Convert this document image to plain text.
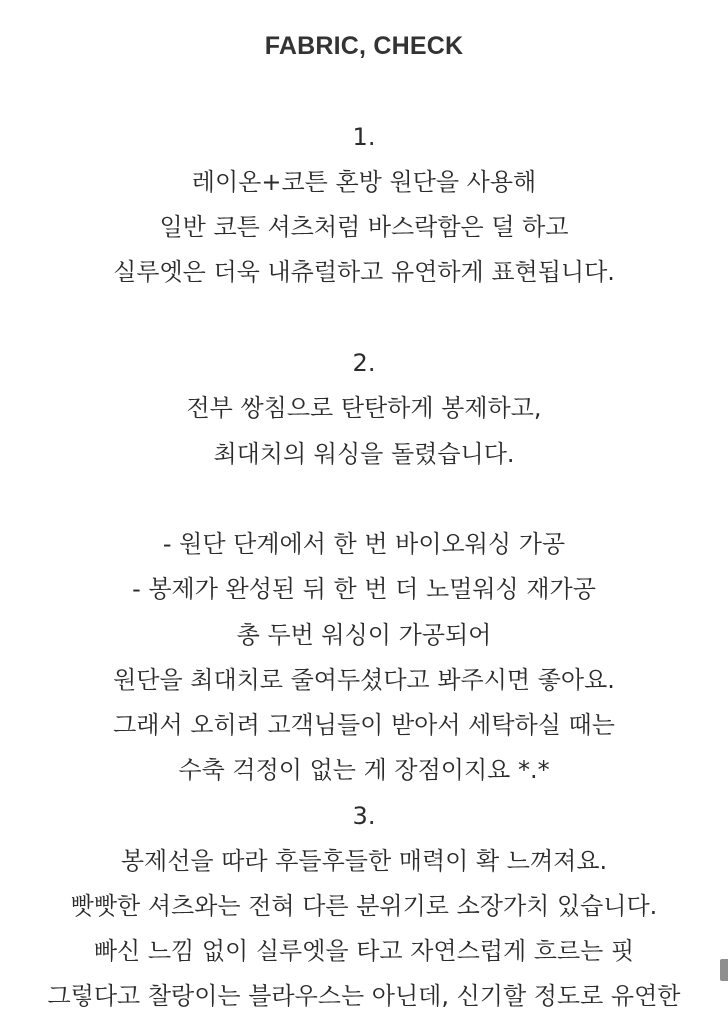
FABRIC, CHECK
1.
레이온+코튼 혼방 원단을 사용해
일반 코튼 셔츠처럼 바스락함은 덜 하고
실루엣은 더욱 내츄럴하고 유연하게 표현됩니다.
2.
전부 쌍침으로 탄탄하게 봉제하고,
최대치의 워싱을 돌렸습니다.
- 원단 단계에서 한 번 바이오워싱 가공
- 봉제가 완성된 뒤 한 번 더 노멀워싱 재가공
총 두번 워싱이 가공되어
원단을 최대치로 줄여두셨다고 봐주시면 좋아요.
그래서 오히려 고객님들이 받아서 세탁하실 때는
수축 걱정이 없는 게 장점이지요 *.*
3.
봉제선을 따라 후들후들한 매력이 확 느껴져요.
빳빳한 셔츠와는 전혀 다른 분위기로 소장가치 있습니다.
빠신 느낌 없이 실루엣을 타고 자연스럽게 흐르는 핏
그렇다고 찰랑이는 블라우스는 아닌데, 신기할 정도로 유연한
